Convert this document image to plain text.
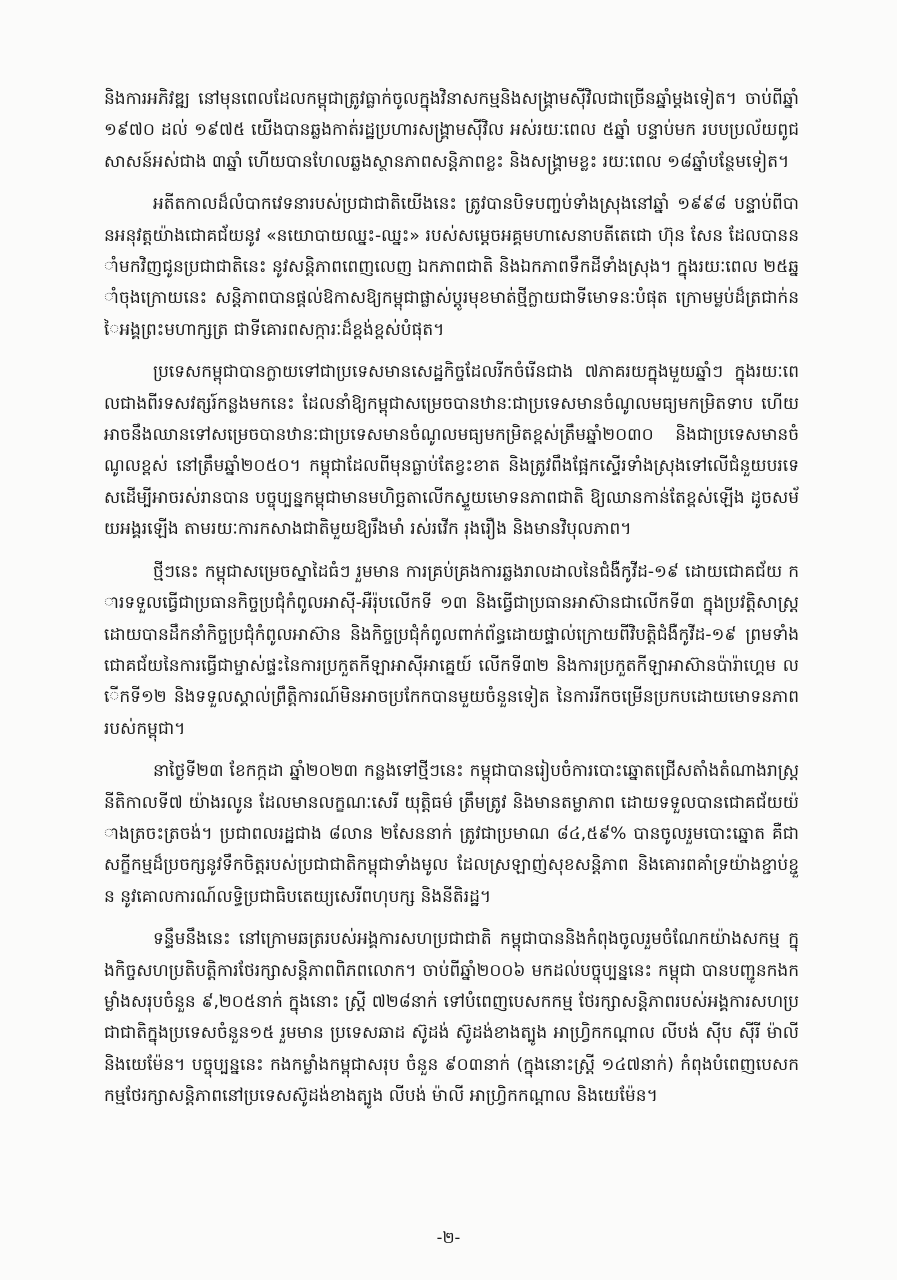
និងការអភិវឌ្ឍ នៅមុនពេលដែលកម្ពុជាត្រូវធ្លាក់ចូលក្នុងវិនាសកម្មនិងសង្គ្រាមស៊ីវិលជាច្រើនឆ្នាំម្តងទៀត។ ចាប់ពីឆ្នាំ១៩៧០ ដល់ ១៩៧៥ យើងបានឆ្លងកាត់រដ្ឋប្រហារសង្គ្រាមស៊ីវិល អស់រយៈពេល ៥ឆ្នាំ បន្ទាប់មក របបប្រល័យពូជសាសន៍អស់ជាង ៣ឆ្នាំ ហើយបានហែលឆ្លងស្ថានភាពសន្តិភាពខ្លះ និងសង្គ្រាមខ្លះ រយៈពេល ១៨ឆ្នាំបន្ថែមទៀត។

អតីតកាលដ៏លំបាកវេទនារបស់ប្រជាជាតិយើងនេះ ត្រូវបានបិទបញ្ចប់ទាំងស្រុងនៅឆ្នាំ ១៩៩៨ បន្ទាប់ពីបានអនុវត្តយ៉ាងជោគជ័យនូវ «នយោបាយឈ្នះ-ឈ្នះ» របស់សម្តេចអគ្គមហាសេនាបតីតេជោ ហ៊ុន សែន ដែលបាននាំមកវិញជូនប្រជាជាតិនេះ នូវសន្តិភាពពេញលេញ ឯកភាពជាតិ និងឯកភាពទឹកដីទាំងស្រុង។ ក្នុងរយៈពេល ២៥ឆ្នាំចុងក្រោយនេះ សន្តិភាពបានផ្តល់ឱកាសឱ្យកម្ពុជាផ្លាស់ប្តូរមុខមាត់ថ្មីក្លាយជាទីមោទនៈបំផុត ក្រោមម្លប់ដ៏ត្រជាក់នៃអង្គព្រះមហាក្សត្រ ជាទីគោរពសក្ការៈដ៏ខ្ពង់ខ្ពស់បំផុត។

ប្រទេសកម្ពុជាបានក្លាយទៅជាប្រទេសមានសេដ្ឋកិច្ចដែលរីកចំរើនជាង ៧ភាគរយក្នុងមួយឆ្នាំៗ ក្នុងរយៈពេលជាងពីរទសវត្សរ៍កន្លងមកនេះ ដែលនាំឱ្យកម្ពុជាសម្រេចបានឋានៈជាប្រទេសមានចំណូលមធ្យមកម្រិតទាប ហើយអាចនឹងឈានទៅសម្រេចបានឋានៈជាប្រទេសមានចំណូលមធ្យមកម្រិតខ្ពស់ត្រឹមឆ្នាំ២០៣០ និងជាប្រទេសមានចំណូលខ្ពស់ នៅត្រឹមឆ្នាំ២០៥០។ កម្ពុជាដែលពីមុនធ្លាប់តែខ្វះខាត និងត្រូវពឹងផ្អែកស្ទើរទាំងស្រុងទៅលើជំនួយបរទេសដើម្បីអាចរស់រានបាន បច្ចុប្បន្នកម្ពុជាមានមហិច្ឆតាលើកស្ទួយមោទនភាពជាតិ ឱ្យឈានកាន់តែខ្ពស់ឡើង ដូចសម័យអង្គរឡើង តាមរយៈការកសាងជាតិមួយឱ្យរឹងមាំ រស់រវើក រុងរឿង និងមានវិបុលភាព។

ថ្មីៗនេះ កម្ពុជាសម្រេចស្នាដៃធំៗ រួមមាន ការគ្រប់គ្រងការឆ្លងរាលដាលនៃជំងឺកូវីដ-១៩ ដោយជោគជ័យ ការទទួលធ្វើជាប្រធានកិច្ចប្រជុំកំពូលអាស៊ី-អឺរ៉ុបលើកទី ១៣ និងធ្វើជាប្រធានអាស៊ានជាលើកទី៣ ក្នុងប្រវត្តិសាស្ត្រ ដោយបានដឹកនាំកិច្ចប្រជុំកំពូលអាស៊ាន និងកិច្ចប្រជុំកំពូលពាក់ព័ន្ធដោយផ្ទាល់ក្រោយពីវិបត្តិជំងឺកូវីដ-១៩ ព្រមទាំង ជោគជ័យនៃការធ្វើជាម្ចាស់ផ្ទះនៃការប្រកួតកីឡាអាស៊ីអាគ្នេយ៍ លើកទី៣២ និងការប្រកួតកីឡាអាស៊ានប៉ារ៉ាហ្គេម លើកទី១២ និងទទួលស្គាល់ព្រឹត្តិការណ៍មិនអាចប្រកែកបានមួយចំនួនទៀត នៃការរីកចម្រើនប្រកបដោយមោទនភាពរបស់កម្ពុជា។

នាថ្ងៃទី២៣ ខែកក្កដា ឆ្នាំ២០២៣ កន្លងទៅថ្មីៗនេះ កម្ពុជាបានរៀបចំការបោះឆ្នោតជ្រើសតាំងតំណាងរាស្ត្រ នីតិកាលទី៧ យ៉ាងរលូន ដែលមានលក្ខណៈសេរី យុត្តិធម៌ ត្រឹមត្រូវ និងមានតម្លាភាព ដោយទទួលបានជោគជ័យយ៉ាងត្រចះត្រចង់។ ប្រជាពលរដ្ឋជាង ៨លាន ២សែននាក់ ត្រូវជាប្រមាណ ៨៤,៥៩% បានចូលរួមបោះឆ្នោត គឺជាសក្ខីកម្មដ៏ប្រចក្សនូវទឹកចិត្តរបស់ប្រជាជាតិកម្ពុជាទាំងមូល ដែលស្រឡាញ់សុខសន្តិភាព និងគោរពគាំទ្រយ៉ាងខ្ជាប់ខ្ជួន នូវគោលការណ៍លទ្ធិប្រជាធិបតេយ្យសេរីពហុបក្ស និងនីតិរដ្ឋ។

ទន្ទឹមនឹងនេះ នៅក្រោមឆត្ររបស់អង្គការសហប្រជាជាតិ កម្ពុជាបាននិងកំពុងចូលរួមចំណែកយ៉ាងសកម្ម ក្នុងកិច្ចសហប្រតិបត្តិការថែរក្សាសន្តិភាពពិភពលោក។ ចាប់ពីឆ្នាំ២០០៦ មកដល់បច្ចុប្បន្ននេះ កម្ពុជា បានបញ្ជូនកងកម្លាំងសរុបចំនួន ៩,២០៥នាក់ ក្នុងនោះ ស្ត្រី ៧២៨នាក់ ទៅបំពេញបេសកកម្ម ថែរក្សាសន្តិភាពរបស់អង្គការសហប្រជាជាតិក្នុងប្រទេសចំនួន១៥ រួមមាន ប្រទេសឆាដ ស៊ូដង់ ស៊ូដង់ខាងត្បូង អាហ្វ្រិកកណ្តាល លីបង់ ស៊ីប ស៊ីរី ម៉ាលី និងយេម៉ែន។ បច្ចុប្បន្ននេះ កងកម្លាំងកម្ពុជាសរុប ចំនួន ៩០៣នាក់ (ក្នុងនោះស្ត្រី ១៤៧នាក់) កំពុងបំពេញបេសកកម្មថែរក្សាសន្តិភាពនៅប្រទេសស៊ូដង់ខាងត្បូង លីបង់ ម៉ាលី អាហ្វ្រិកកណ្តាល និងយេម៉ែន។

-២-
